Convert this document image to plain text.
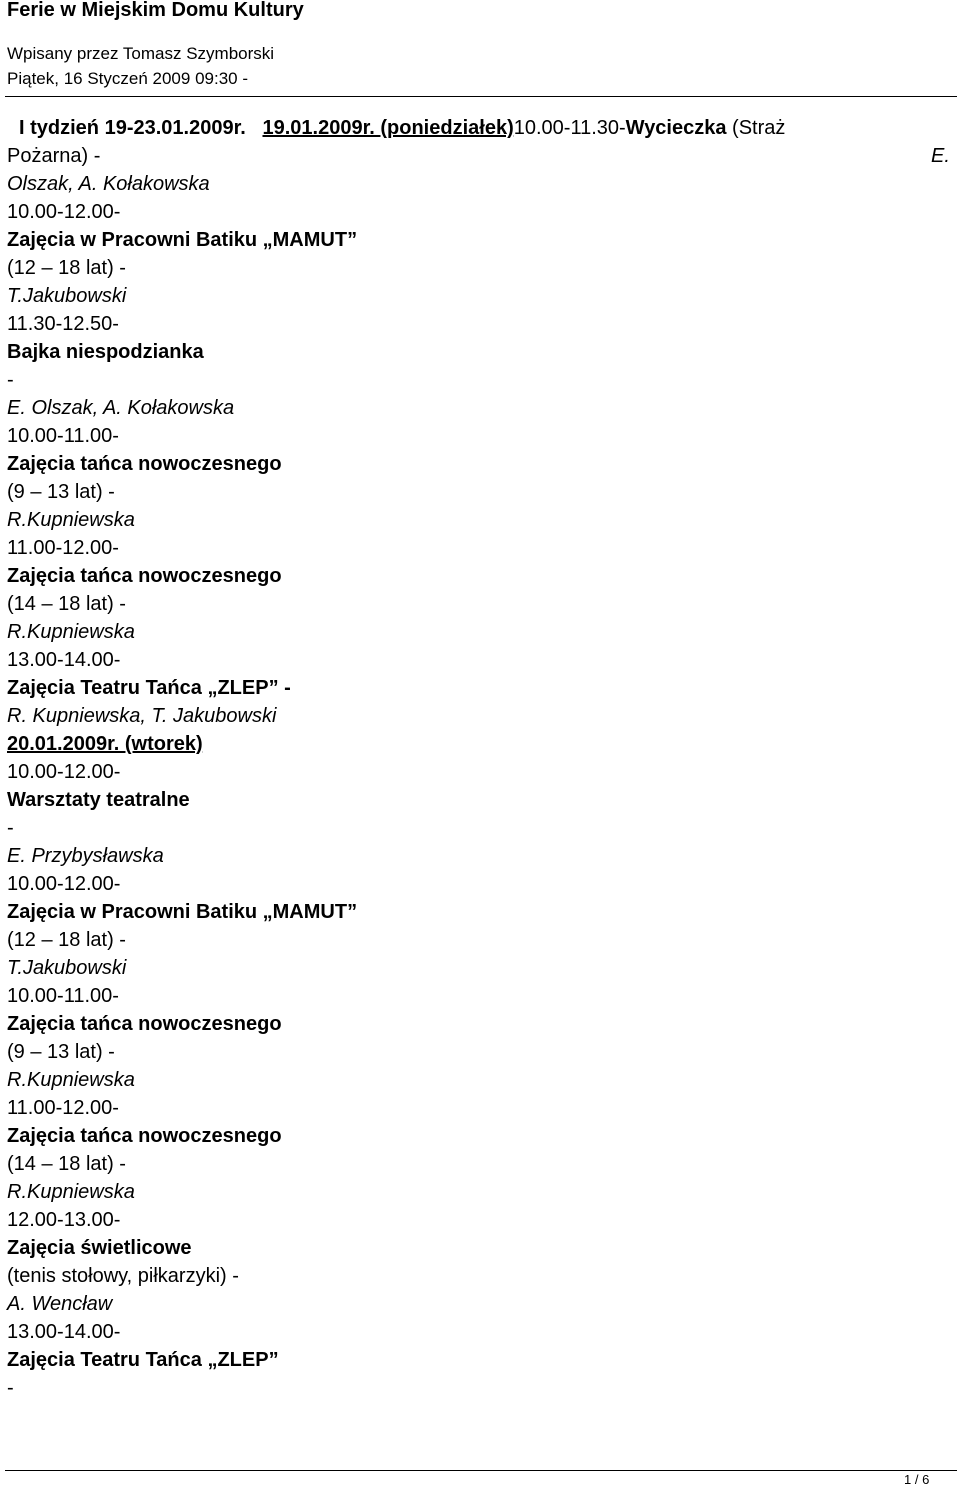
Ferie w Miejskim Domu Kultury
Wpisany przez Tomasz Szymborski
Piątek, 16 Styczeń 2009 09:30 -
I tydzień 19-23.01.2009r. 19.01.2009r. (poniedziałek)10.00-11.30-Wycieczka (Straż
Pożarna) -	E.
Olszak, A. Kołakowska
10.00-12.00-
Zajęcia w Pracowni Batiku „MAMUT”
(12 – 18 lat) -
T.Jakubowski
11.30-12.50-
Bajka niespodzianka
-
E. Olszak, A. Kołakowska
10.00-11.00-
Zajęcia tańca nowoczesnego
(9 – 13 lat) -
R.Kupniewska
11.00-12.00-
Zajęcia tańca nowoczesnego
(14 – 18 lat) -
R.Kupniewska
13.00-14.00-
Zajęcia Teatru Tańca „ZLEP” -
R. Kupniewska, T. Jakubowski
20.01.2009r. (wtorek)
10.00-12.00-
Warsztaty teatralne
-
E. Przybysławska
10.00-12.00-
Zajęcia w Pracowni Batiku „MAMUT”
(12 – 18 lat) -
T.Jakubowski
10.00-11.00-
Zajęcia tańca nowoczesnego
(9 – 13 lat) -
R.Kupniewska
11.00-12.00-
Zajęcia tańca nowoczesnego
(14 – 18 lat) -
R.Kupniewska
12.00-13.00-
Zajęcia świetlicowe
(tenis stołowy, piłkarzyki) -
A. Wencław
13.00-14.00-
Zajęcia Teatru Tańca „ZLEP”
-
1 / 6
